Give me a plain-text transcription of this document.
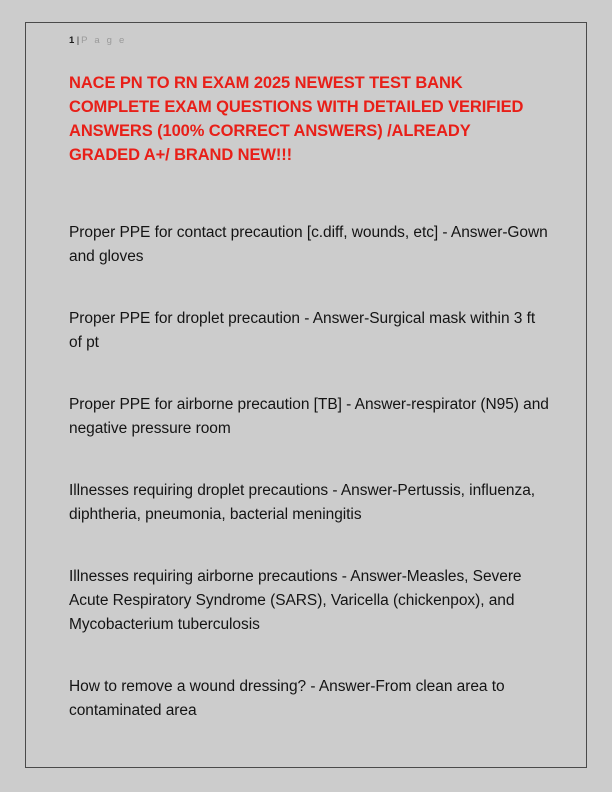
1 | P a g e
NACE PN TO RN EXAM 2025 NEWEST TEST BANK COMPLETE EXAM QUESTIONS WITH DETAILED VERIFIED ANSWERS (100% CORRECT ANSWERS) /ALREADY GRADED A+/ BRAND NEW!!!

Proper PPE for contact precaution [c.diff, wounds, etc] - Answer-Gown and gloves

Proper PPE for droplet precaution - Answer-Surgical mask within 3 ft of pt

Proper PPE for airborne precaution [TB] - Answer-respirator (N95) and negative pressure room

Illnesses requiring droplet precautions - Answer-Pertussis, influenza, diphtheria, pneumonia, bacterial meningitis

Illnesses requiring airborne precautions - Answer-Measles, Severe Acute Respiratory Syndrome (SARS), Varicella (chickenpox), and Mycobacterium tuberculosis

How to remove a wound dressing? - Answer-From clean area to contaminated area
